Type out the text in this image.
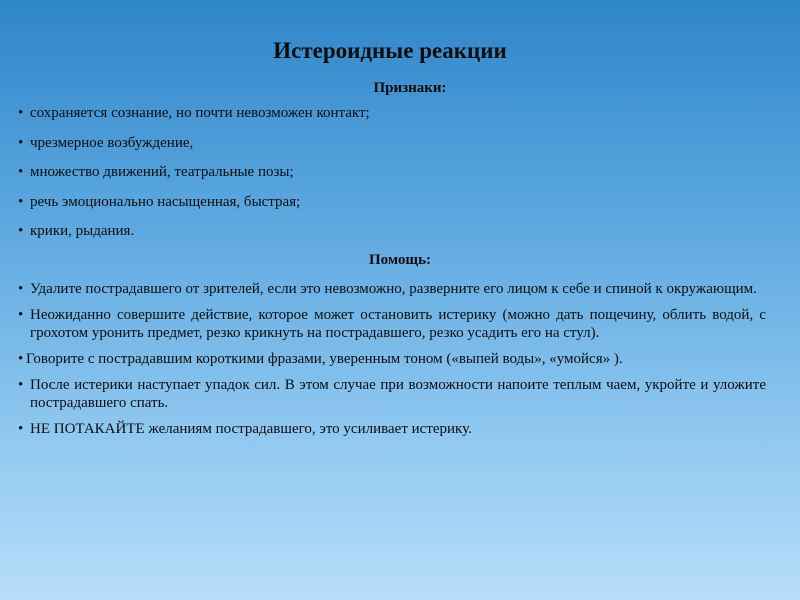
Истероидные реакции
Признаки:
• сохраняется сознание, но почти невозможен контакт;
• чрезмерное возбуждение,
• множество движений, театральные позы;
• речь эмоционально насыщенная, быстрая;
• крики, рыдания.
Помощь:
• Удалите пострадавшего от зрителей, если это невозможно, разверните его лицом к себе и спиной к окружающим.
• Неожиданно совершите действие, которое может остановить истерику (можно дать пощечину, облить водой, с грохотом уронить предмет, резко крикнуть на пострадавшего, резко усадить его на стул).
• Говорите с пострадавшим короткими фразами, уверенным тоном («выпей воды», «умойся» ).
• После истерики наступает упадок сил. В этом случае при возможности напоите теплым чаем, укройте и уложите пострадавшего спать.
• НЕ ПОТАКАЙТЕ желаниям пострадавшего, это усиливает истерику.
